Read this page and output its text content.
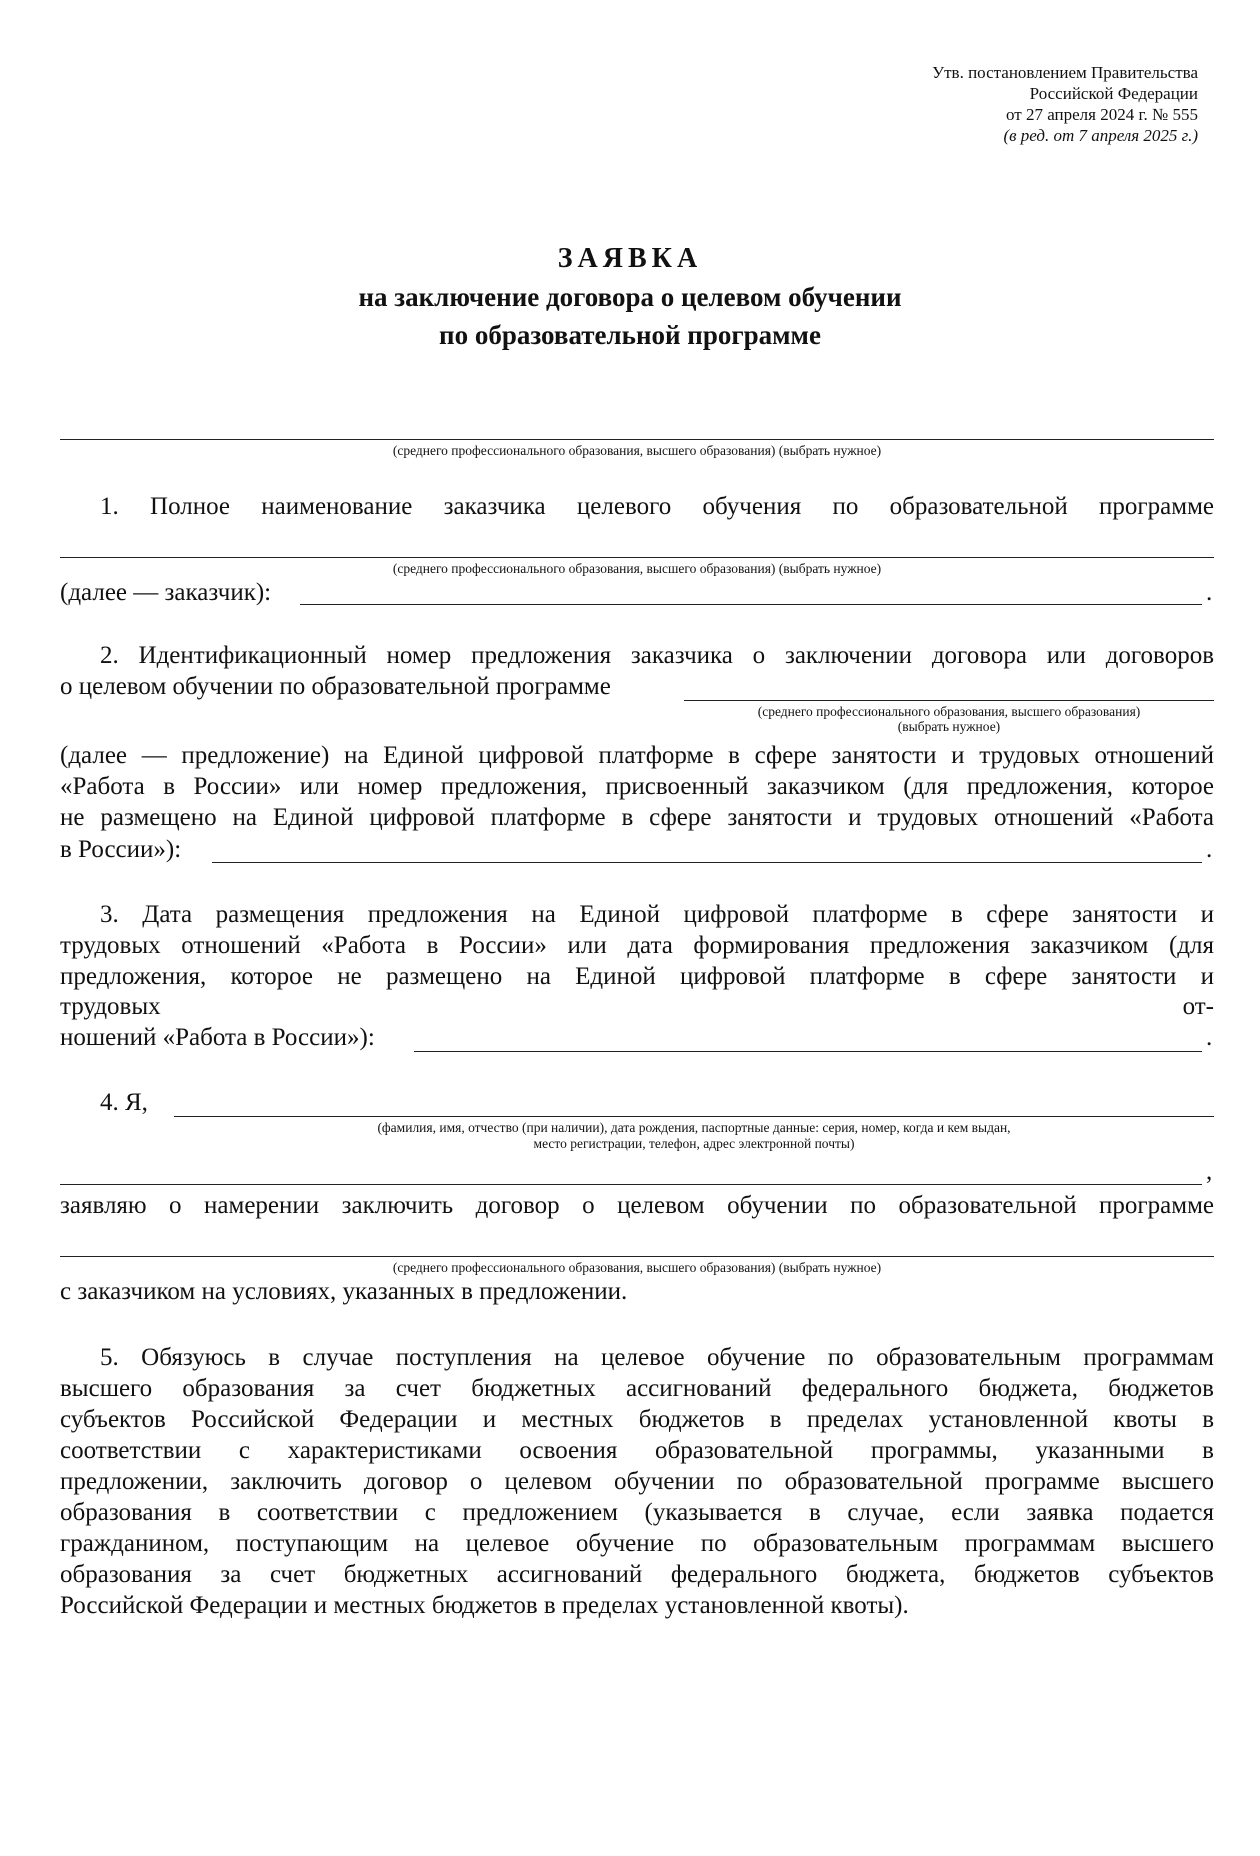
Утв. постановлением Правительства
Российской Федерации
от 27 апреля 2024 г. № 555
(в ред. от 7 апреля 2025 г.)
ЗАЯВКА
на заключение договора о целевом обучении
по образовательной программе
(среднего профессионального образования, высшего образования) (выбрать нужное)
1. Полное наименование заказчика целевого обучения по образовательной программе
(среднего профессионального образования, высшего образования) (выбрать нужное)
(далее — заказчик):	.
2. Идентификационный номер предложения заказчика о заключении договора или договоров
о целевом обучении по образовательной программе
(среднего профессионального образования, высшего образования)
(выбрать нужное)
(далее — предложение) на Единой цифровой платформе в сфере занятости и трудовых отношений
«Работа в России» или номер предложения, присвоенный заказчиком (для предложения, которое
не размещено на Единой цифровой платформе в сфере занятости и трудовых отношений «Работа
в России»):	.
3. Дата размещения предложения на Единой цифровой платформе в сфере занятости и
трудовых отношений «Работа в России» или дата формирования предложения заказчиком (для
предложения, которое не размещено на Единой цифровой платформе в сфере занятости и
трудовых	от-
ношений «Работа в России»):	.
4. Я,
(фамилия, имя, отчество (при наличии), дата рождения, паспортные данные: серия, номер, когда и кем выдан,
место регистрации, телефон, адрес электронной почты)
,
заявляю о намерении заключить договор о целевом обучении по образовательной программе
(среднего профессионального образования, высшего образования) (выбрать нужное)
с заказчиком на условиях, указанных в предложении.
5. Обязуюсь в случае поступления на целевое обучение по образовательным программам
высшего образования за счет бюджетных ассигнований федерального бюджета, бюджетов
субъектов Российской Федерации и местных бюджетов в пределах установленной квоты в
соответствии с характеристиками освоения образовательной программы, указанными в
предложении, заключить договор о целевом обучении по образовательной программе высшего
образования в соответствии с предложением (указывается в случае, если заявка подается
гражданином, поступающим на целевое обучение по образовательным программам высшего
образования за счет бюджетных ассигнований федерального бюджета, бюджетов субъектов
Российской Федерации и местных бюджетов в пределах установленной квоты).
